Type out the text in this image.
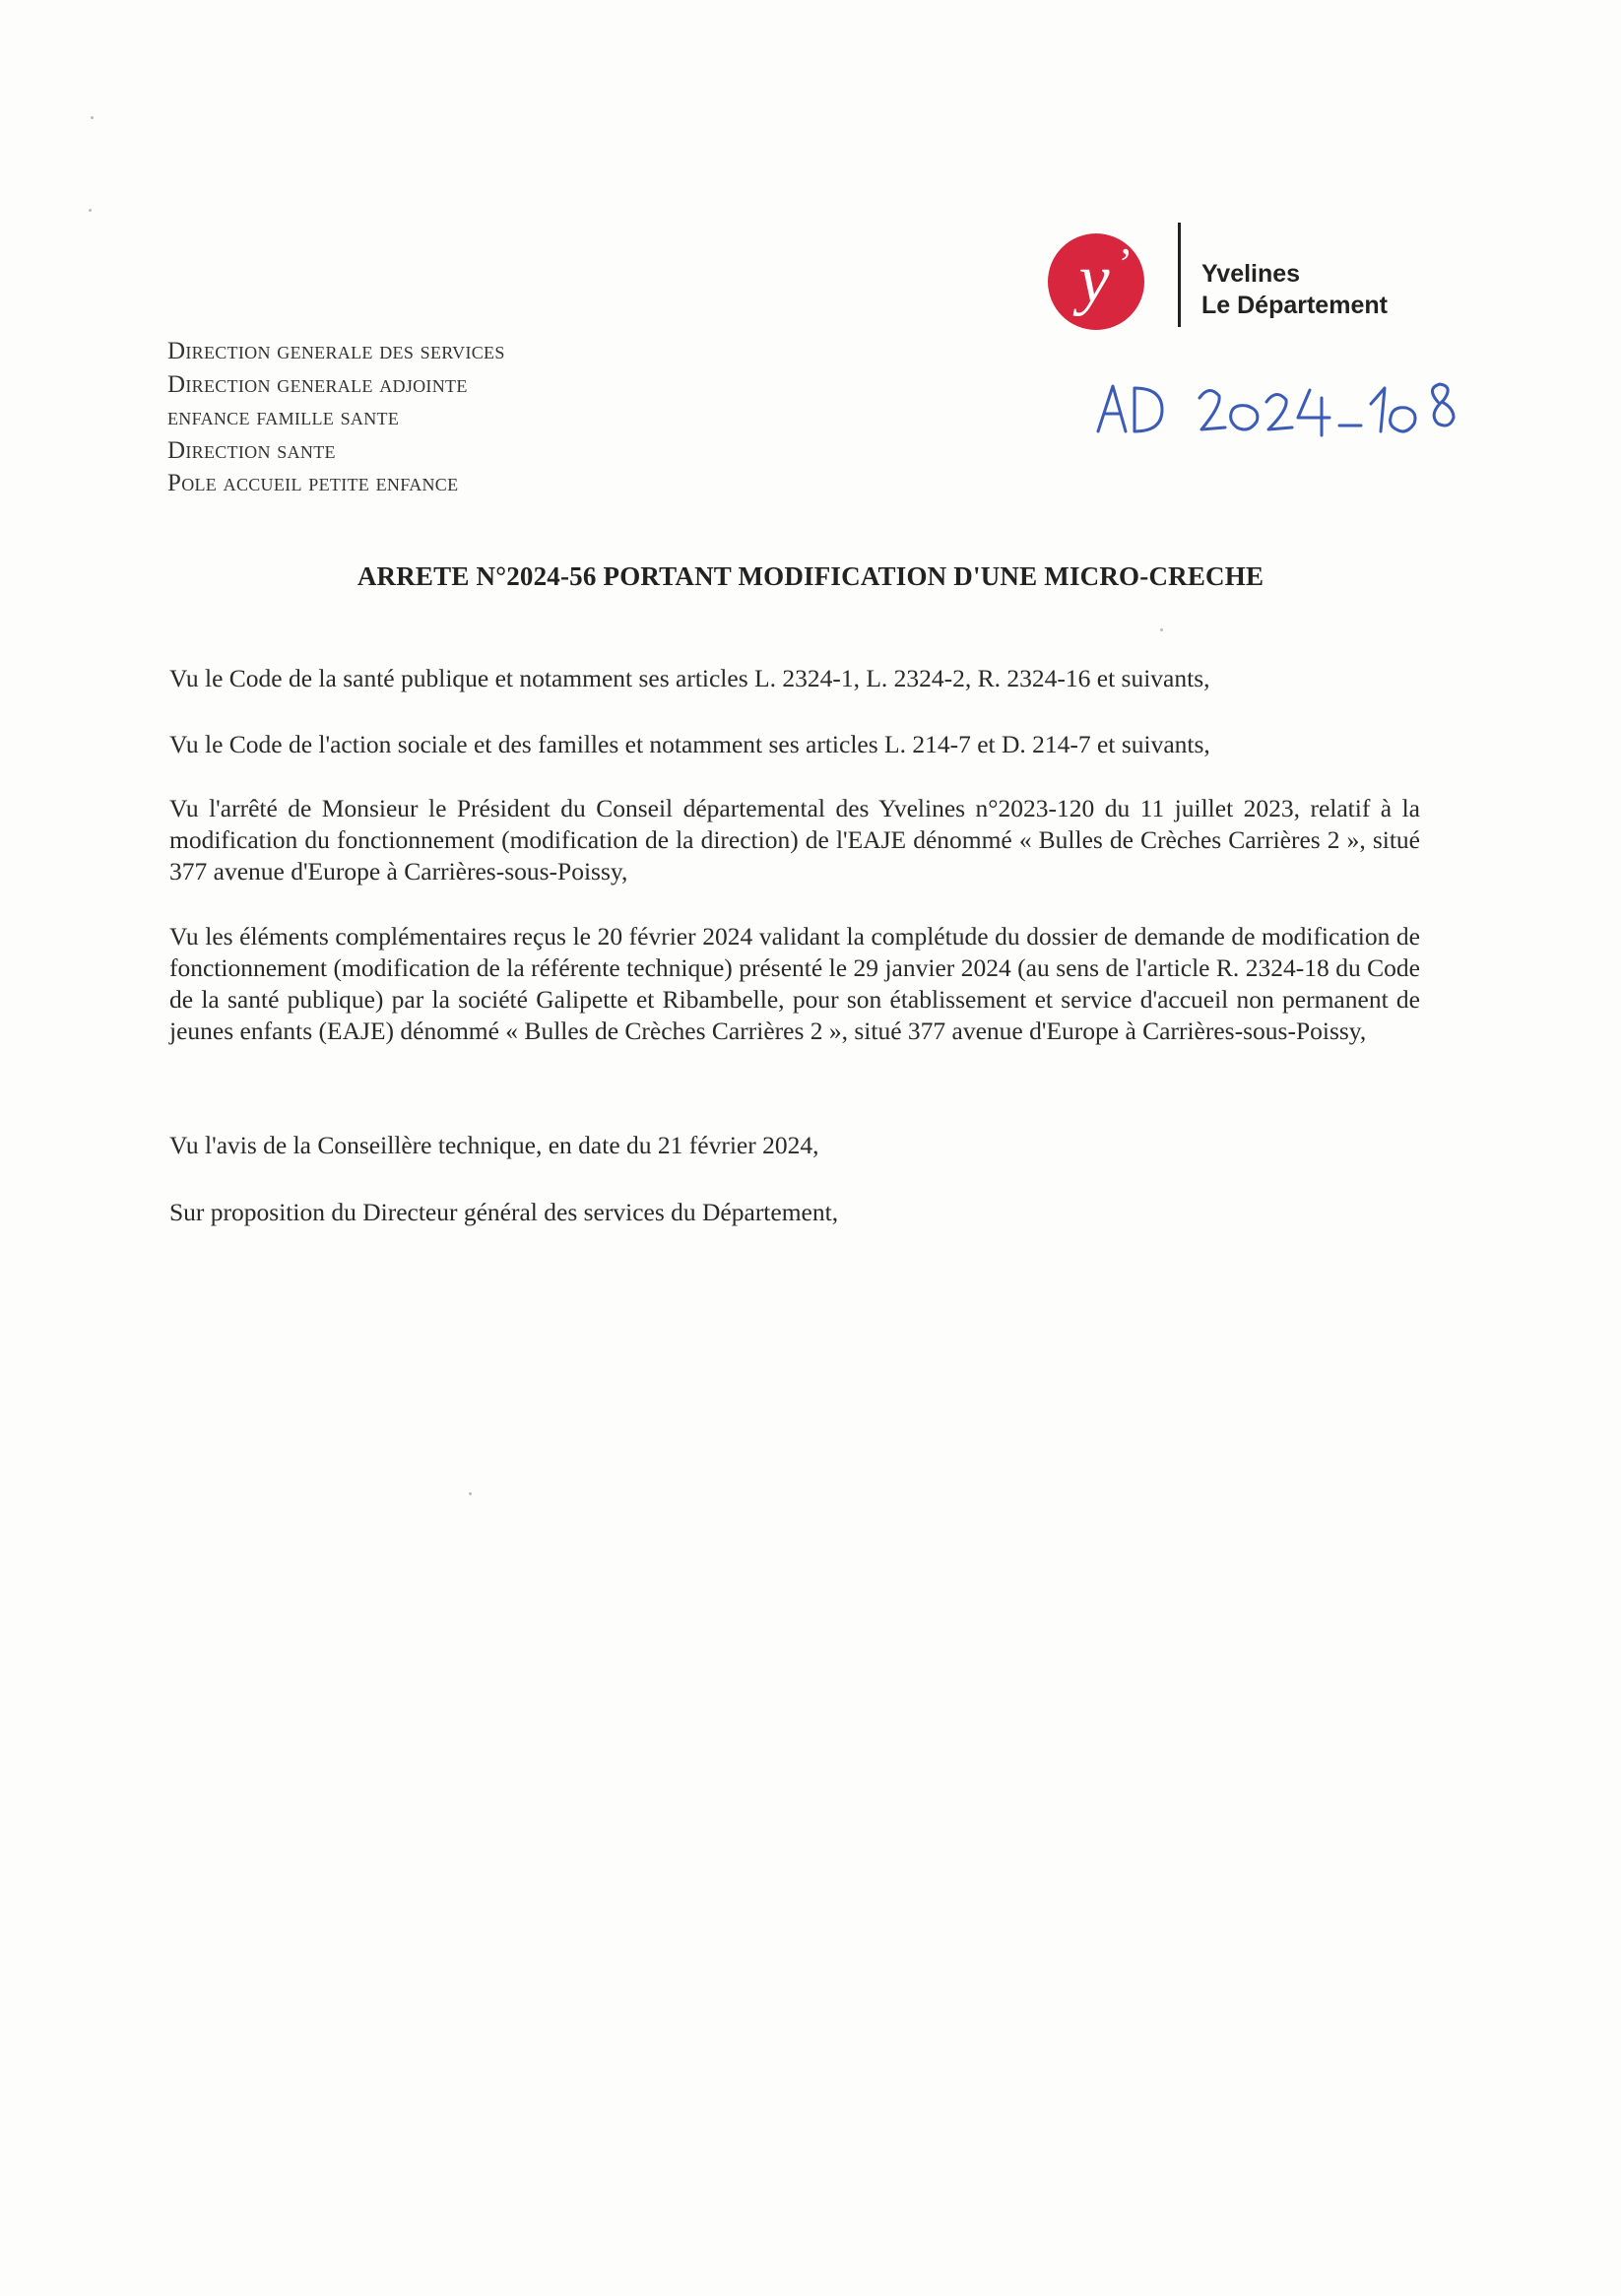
y ’	Yvelines
Le Département
AD 2024_108
Direction generale des services
Direction generale adjointe
enfance famille sante
Direction sante
Pole accueil petite enfance
ARRETE N°2024-56 PORTANT MODIFICATION D'UNE MICRO-CRECHE
Vu le Code de la santé publique et notamment ses articles L. 2324-1, L. 2324-2, R. 2324-16 et suivants,
Vu le Code de l'action sociale et des familles et notamment ses articles L. 214-7 et D. 214-7 et suivants,
Vu l'arrêté de Monsieur le Président du Conseil départemental des Yvelines n°2023-120 du 11 juillet 2023, relatif à la modification du fonctionnement (modification de la direction) de l'EAJE dénommé « Bulles de Crèches Carrières 2 », situé 377 avenue d'Europe à Carrières-sous-Poissy,
Vu les éléments complémentaires reçus le 20 février 2024 validant la complétude du dossier de demande de modification de fonctionnement (modification de la référente technique) présenté le 29 janvier 2024 (au sens de l'article R. 2324-18 du Code de la santé publique) par la société Galipette et Ribambelle, pour son établissement et service d'accueil non permanent de jeunes enfants (EAJE) dénommé « Bulles de Crèches Carrières 2 », situé 377 avenue d'Europe à Carrières-sous-Poissy,
Vu l'avis de la Conseillère technique, en date du 21 février 2024,
Sur proposition du Directeur général des services du Département,
